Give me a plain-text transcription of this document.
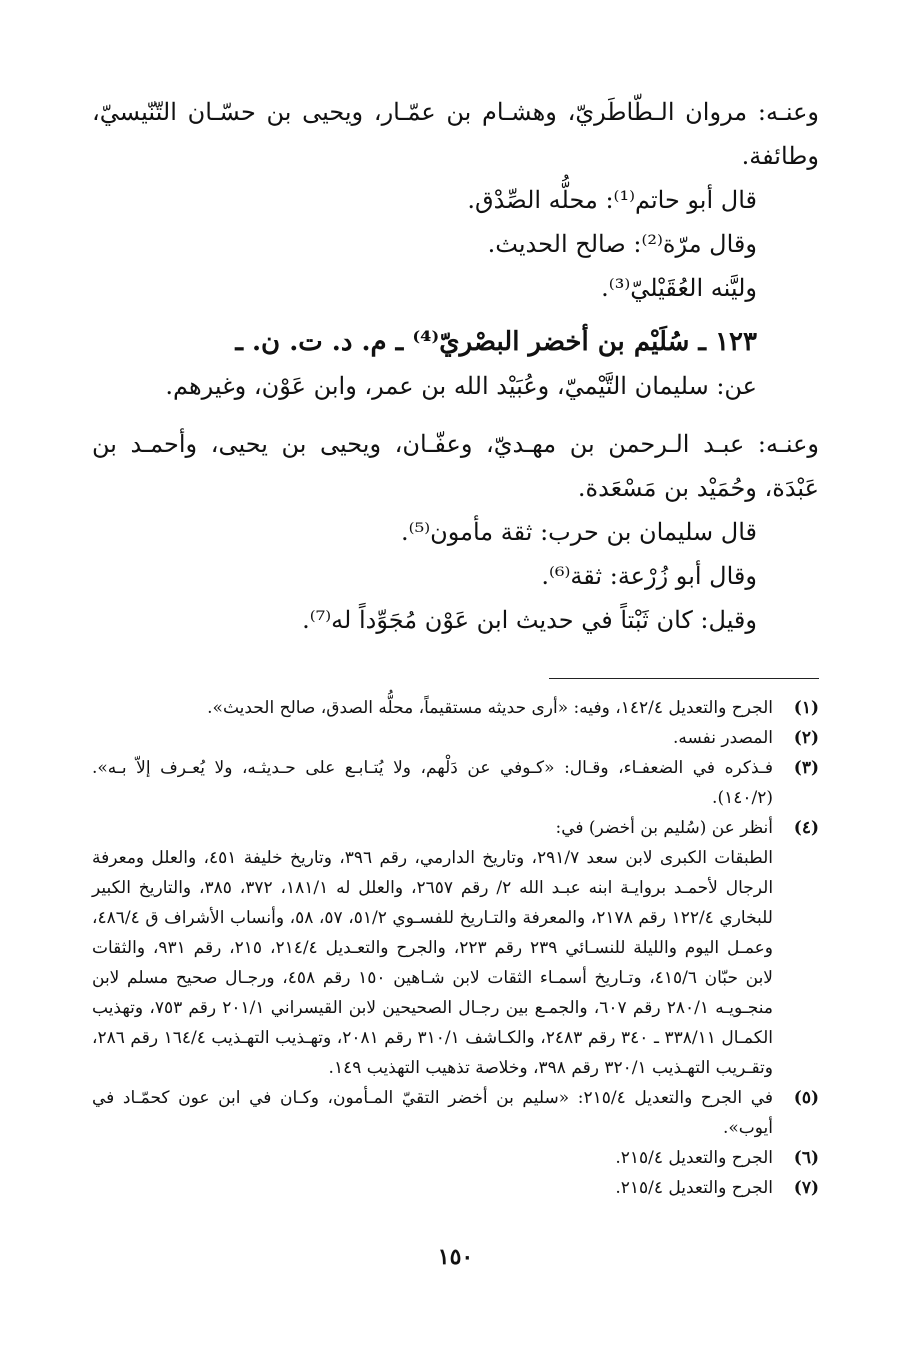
وعنـه: مروان الـطّاطَريّ، وهشـام بن عمّـار، ويحيى بن حسّـان التّنّيسيّ، وطائفة.

قال أبو حاتم⁽¹⁾: محلُّه الصِّدْق.

وقال مرّة⁽²⁾: صالح الحديث.

وليَّنه العُقَيْليّ⁽³⁾.

١٢٣ ـ سُلَيْم بن أخضر البصْريّ⁽⁴⁾ ـ م. د. ت. ن. ـ

عن: سليمان التَّيْميّ، وعُبَيْد الله بن عمر، وابن عَوْن، وغيرهم.

وعنـه: عبـد الـرحمن بن مهـديّ، وعفّـان، ويحيى بن يحيى، وأحمـد بن عَبْدَة، وحُمَيْد بن مَسْعَدة.

قال سليمان بن حرب: ثقة مأمون⁽⁵⁾.

وقال أبو زُرْعة: ثقة⁽⁶⁾.

وقيل: كان ثَبْتاً في حديث ابن عَوْن مُجَوِّداً له⁽⁷⁾.

(١)
الجرح والتعديل ١٤٢/٤، وفيه: «أرى حديثه مستقيماً، محلُّه الصدق، صالح الحديث».
(٢)
المصدر نفسه.
(٣)
فـذكره في الضعفـاء، وقـال: «كـوفي عن دَلْهم، ولا يُتـابـع على حـديثـه، ولا يُعـرف إلاّ بـه». (١٤٠/٢).
(٤)
أنظر عن (سُليم بن أخضر) في:
الطبقات الكبرى لابن سعد ٢٩١/٧، وتاريخ الدارمي، رقم ٣٩٦، وتاريخ خليفة ٤٥١، والعلل ومعرفة الرجال لأحمـد بروايـة ابنه عبـد الله ٢/ رقم ٢٦٥٧، والعلل له ١٨١/١، ٣٧٢، ٣٨٥، والتاريخ الكبير للبخاري ١٢٢/٤ رقم ٢١٧٨، والمعرفة والتـاريخ للفسـوي ٥١/٢، ٥٧، ٥٨، وأنساب الأشراف ق ٤٨٦/٤، وعمـل اليوم والليلة للنسـائي ٢٣٩ رقم ٢٢٣، والجرح والتعـديل ٢١٤/٤، ٢١٥، رقم ٩٣١، والثقات لابن حبّان ٤١٥/٦، وتـاريخ أسمـاء الثقات لابن شـاهين ١٥٠ رقم ٤٥٨، ورجـال صحيح مسلم لابن منجـويـه ٢٨٠/١ رقم ٦٠٧، والجمـع بين رجـال الصحيحين لابن القيسراني ٢٠١/١ رقم ٧٥٣، وتهذيب الكمـال ٣٣٨/١١ ـ ٣٤٠ رقم ٢٤٨٣، والكـاشف ٣١٠/١ رقم ٢٠٨١، وتهـذيب التهـذيب ١٦٤/٤ رقم ٢٨٦، وتقـريب التهـذيب ٣٢٠/١ رقم ٣٩٨، وخلاصة تذهيب التهذيب ١٤٩.
(٥)
في الجرح والتعديل ٢١٥/٤: «سليم بن أخضر التقيّ المـأمون، وكـان في ابن عون كحمّـاد في أيوب».
(٦)
الجرح والتعديل ٢١٥/٤.
(٧)
الجرح والتعديل ٢١٥/٤.
١٥٠
